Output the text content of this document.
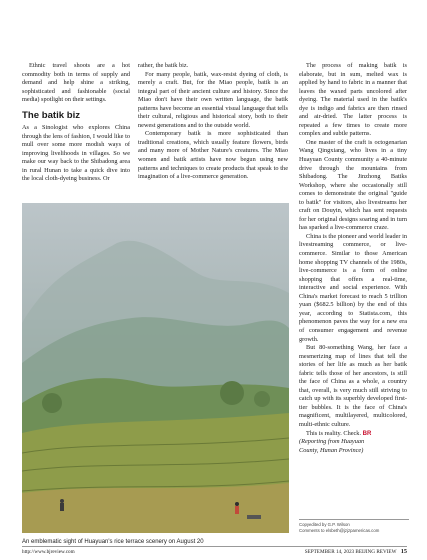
Ethnic travel shoots are a hot commodity both in terms of supply and demand and help shine a striking, sophisticated and fashionable (social media) spotlight on their settings.

The batik biz

As a Sinologist who explores China through the lens of fashion, I would like to mull over some more modish ways of improving livelihoods in villages. So we make our way back to the Shibadong area in rural Hunan to take a quick dive into the local cloth-dyeing business. Or

rather, the batik biz.

For many people, batik, wax-resist dyeing of cloth, is merely a craft. But, for the Miao people, batik is an integral part of their ancient culture and history. Since the Miao don't have their own written language, the batik patterns have become an essential visual language that tells their cultural, religious and historical story, both to their newest generations and to the outside world.

Contemporary batik is more sophisticated than traditional creations, which usually feature flowers, birds and many more of Mother Nature's creatures. The Miao women and batik artists have now begun using new patterns and techniques to create products that speak to the imagination of a live-commerce generation.

The process of making batik is elaborate, but in sum, melted wax is applied by hand to fabric in a manner that leaves the waxed parts uncolored after dyeing. The material used in the batik's dye is indigo and fabrics are then rinsed and air-dried. The latter process is repeated a few times to create more complex and subtle patterns.

One master of the craft is octogenarian Wang Qingxiang, who lives in a tiny Huayuan County community a 40-minute drive through the mountains from Shibadong. The Jinzhong Batiks Workshop, where she occasionally still comes to demonstrate the original "guide to batik" for visitors, also livestreams her craft on Douyin, which has sent requests for her original designs soaring and in turn has sparked a live-commerce craze.

China is the pioneer and world leader in livestreaming commerce, or live-commerce. Similar to those American home shopping TV channels of the 1980s, live-commerce is a form of online shopping that offers a real-time, interactive and social experience. With China's market forecast to reach 5 trillion yuan ($682.5 billion) by the end of this year, according to Statista.com, this phenomenon paves the way for a new era of consumer engagement and revenue growth.

But 80-something Wang, her face a mesmerizing map of lines that tell the stories of her life as much as her batik fabric tells those of her ancestors, is still the face of China as a whole, a country that, overall, is very much still striving to catch up with its superbly developed first-tier bubbles. It is the face of China's magnificent, multilayered, multicolored, multi-ethnic culture.

This is reality. Check. BR

(Reporting from Huayuan

County, Hunan Province)

An emblematic sight of Huayuan's rice terrace scenery on August 20
Copyedited by G.P. Wilson
Comments to elsbeth@jzjzpamericas.com
http://www.bjreview.com	SEPTEMBER 14, 2023 BEIJING REVIEW 15
